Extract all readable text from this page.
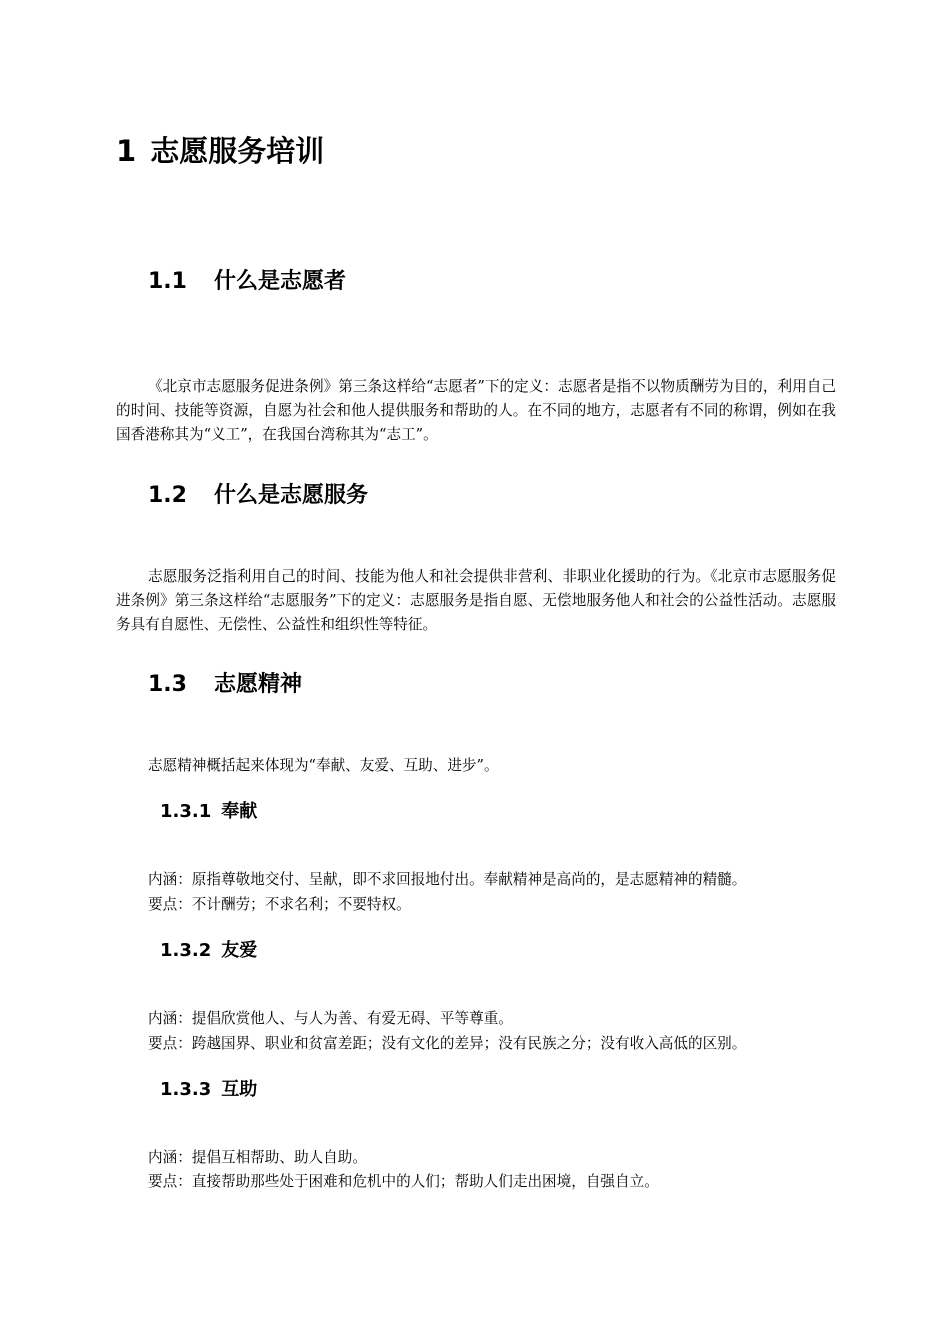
1 志愿服务培训
1.1 什么是志愿者
《北京市志愿服务促进条例》第三条这样给“志愿者”下的定义：志愿者是指不以物质酬劳为目的，利用自己的时间、技能等资源，自愿为社会和他人提供服务和帮助的人。在不同的地方，志愿者有不同的称谓，例如在我国香港称其为“义工”，在我国台湾称其为“志工”。
1.2 什么是志愿服务
志愿服务泛指利用自己的时间、技能为他人和社会提供非营利、非职业化援助的行为。《北京市志愿服务促进条例》第三条这样给“志愿服务”下的定义：志愿服务是指自愿、无偿地服务他人和社会的公益性活动。志愿服务具有自愿性、无偿性、公益性和组织性等特征。
1.3 志愿精神
志愿精神概括起来体现为“奉献、友爱、互助、进步”。
1.3.1 奉献
内涵：原指尊敬地交付、呈献，即不求回报地付出。奉献精神是高尚的，是志愿精神的精髓。
要点：不计酬劳；不求名利；不要特权。
1.3.2 友爱
内涵：提倡欣赏他人、与人为善、有爱无碍、平等尊重。
要点：跨越国界、职业和贫富差距；没有文化的差异；没有民族之分；没有收入高低的区别。
1.3.3 互助
内涵：提倡互相帮助、助人自助。
要点：直接帮助那些处于困难和危机中的人们；帮助人们走出困境，自强自立。
